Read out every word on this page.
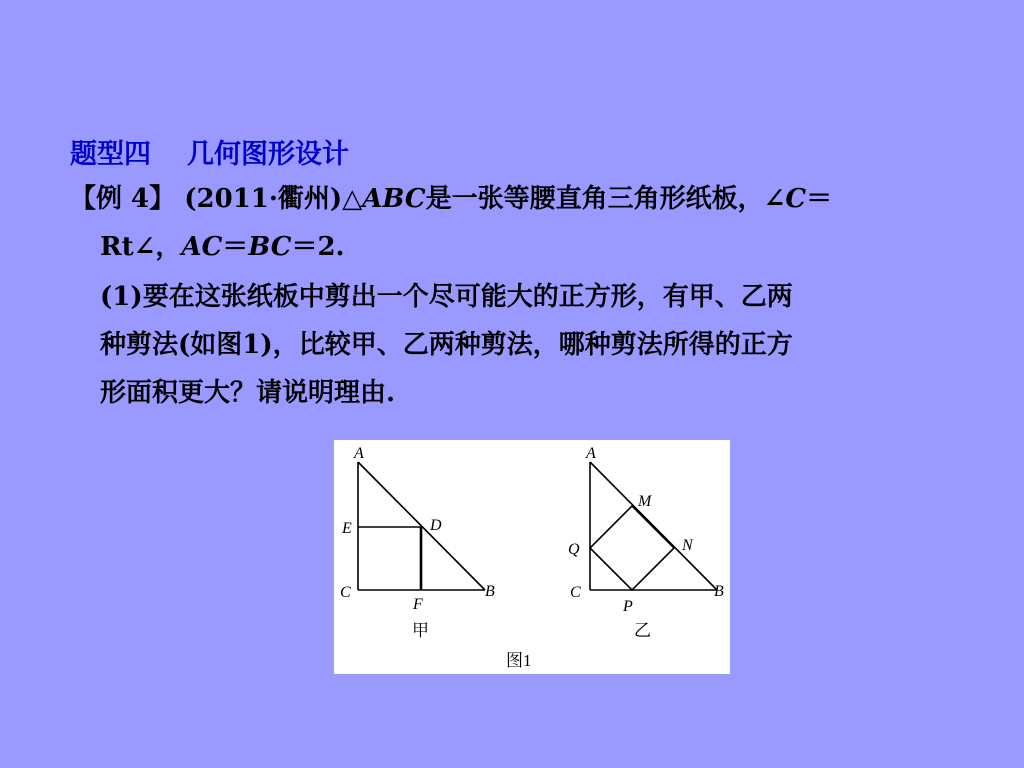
题型四 几何图形设计
【例 4】 (2011·衢州)△ABC是一张等腰直角三角形纸板，∠C＝
Rt∠，AC＝BC＝2.
(1)要在这张纸板中剪出一个尽可能大的正方形，有甲、乙两
种剪法(如图1)，比较甲、乙两种剪法，哪种剪法所得的正方
形面积更大？请说明理由.
A
E	D
C
F
B
甲
A
M
Q	N
C
P
B
乙
图1
